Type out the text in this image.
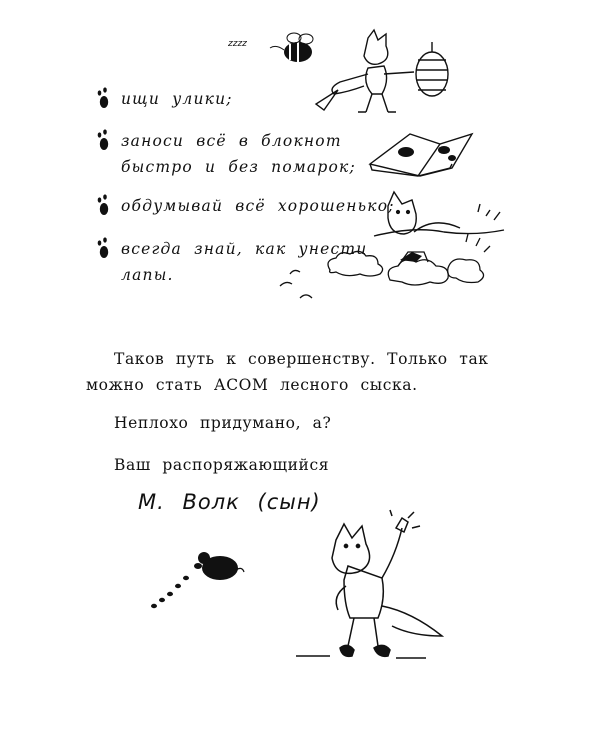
ищи улики;
заноси всё в блокнот
быстро и без помарок;
обдумывай всё хорошенько;
всегда знай, как унести
лапы.
zzzz
Таков путь к совершенству. Только так
можно стать АСОМ лесного сыска.
Неплохо придумано, а?
Ваш распоряжающийся
М. Волк (сын)
